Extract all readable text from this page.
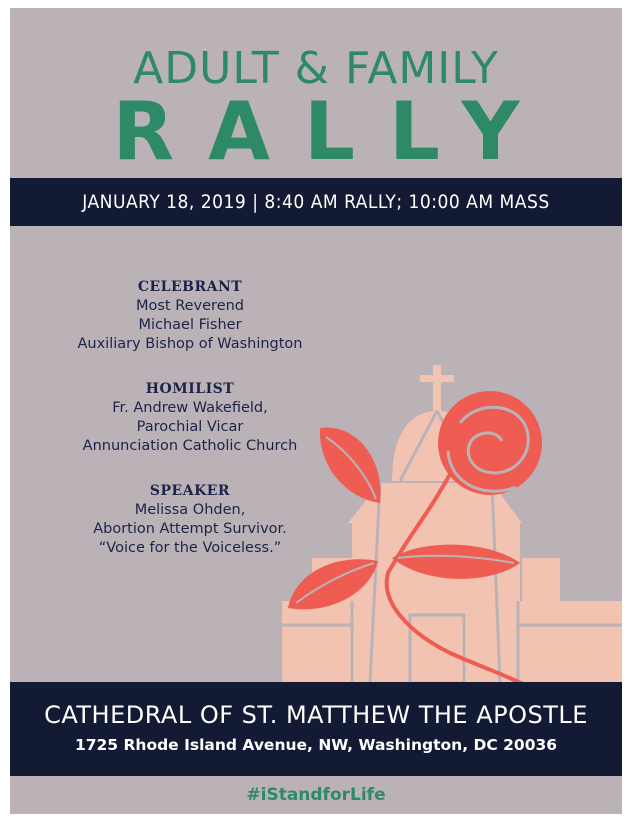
ADULT & FAMILY
RALLY
JANUARY 18, 2019 | 8:40 AM RALLY; 10:00 AM MASS
CELEBRANT
Most Reverend
Michael Fisher
Auxiliary Bishop of Washington
HOMILIST
Fr. Andrew Wakefield,
Parochial Vicar
Annunciation Catholic Church
SPEAKER
Melissa Ohden,
Abortion Attempt Survivor.
“Voice for the Voiceless.”
CATHEDRAL OF ST. MATTHEW THE APOSTLE
1725 Rhode Island Avenue, NW, Washington, DC 20036
#iStandforLife
